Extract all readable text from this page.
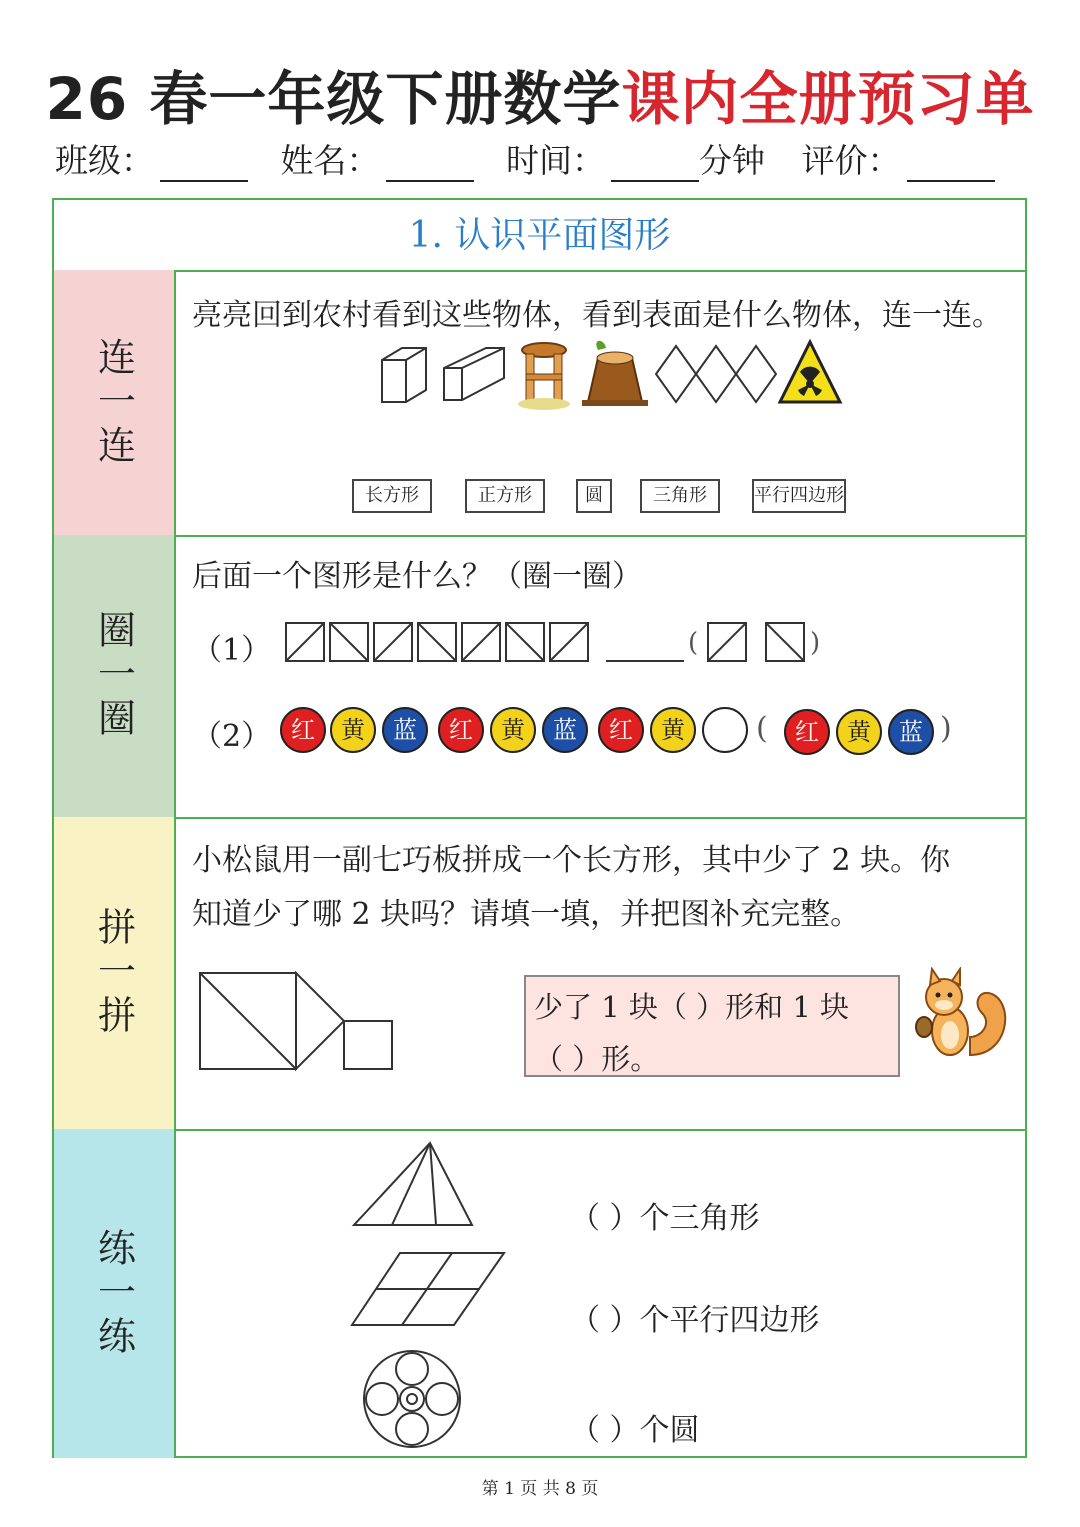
26 春一年级下册数学课内全册预习单
班级：	姓名：	时间：	分钟 评价：
1. 认识平面图形
连一连
亮亮回到农村看到这些物体，看到表面是什么物体，连一连。
长方形	正方形	圆	三角形	平行四边形
圈一圈
后面一个图形是什么？（圈一圈）
（1）	(	)
（2） 红	黄	蓝	红	黄	蓝	红	黄	(	红	黄	蓝 )
拼一拼
小松鼠用一副七巧板拼成一个长方形，其中少了 2 块。你
知道少了哪 2 块吗？请填一填，并把图补充完整。
少了 1 块（ ）形和 1 块
（ ）形。
练一练
（ ）个三角形
（ ）个平行四边形
（ ）个圆
第 1 页 共 8 页
